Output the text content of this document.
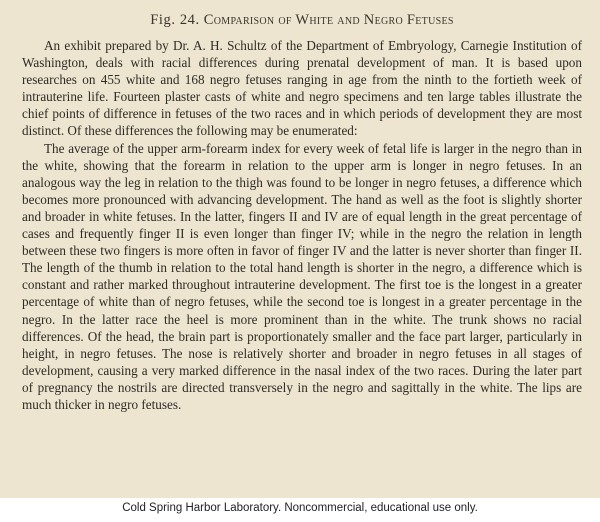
Fig. 24. Comparison of White and Negro Fetuses

An exhibit prepared by Dr. A. H. Schultz of the Department of Embryology, Carnegie Institution of Washington, deals with racial differences during prenatal development of man. It is based upon researches on 455 white and 168 negro fetuses ranging in age from the ninth to the fortieth week of intrauterine life. Fourteen plaster casts of white and negro specimens and ten large tables illustrate the chief points of difference in fetuses of the two races and in which periods of development they are most distinct. Of these differences the following may be enumerated:

The average of the upper arm-forearm index for every week of fetal life is larger in the negro than in the white, showing that the forearm in relation to the upper arm is longer in negro fetuses. In an analogous way the leg in relation to the thigh was found to be longer in negro fetuses, a difference which becomes more pronounced with advancing development. The hand as well as the foot is slightly shorter and broader in white fetuses. In the latter, fingers II and IV are of equal length in the great percentage of cases and frequently finger II is even longer than finger IV; while in the negro the relation in length between these two fingers is more often in favor of finger IV and the latter is never shorter than finger II. The length of the thumb in relation to the total hand length is shorter in the negro, a difference which is constant and rather marked throughout intrauterine development. The first toe is the longest in a greater percentage of white than of negro fetuses, while the second toe is longest in a greater percentage in the negro. In the latter race the heel is more prominent than in the white. The trunk shows no racial differences. Of the head, the brain part is proportionately smaller and the face part larger, particularly in height, in negro fetuses. The nose is relatively shorter and broader in negro fetuses in all stages of development, causing a very marked difference in the nasal index of the two races. During the later part of pregnancy the nostrils are directed transversely in the negro and sagittally in the white. The lips are much thicker in negro fetuses.

Cold Spring Harbor Laboratory. Noncommercial, educational use only.
